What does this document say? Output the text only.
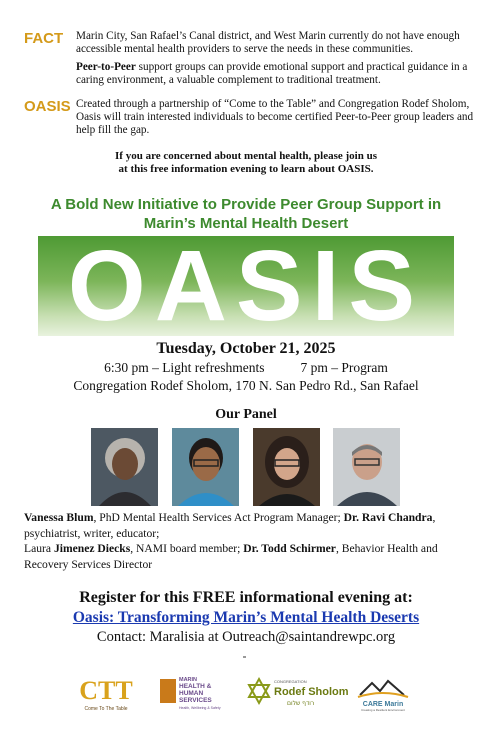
FACT Marin City, San Rafael’s Canal district, and West Marin currently do not have enough accessible mental health providers to serve the needs in these communities.
Peer-to-Peer support groups can provide emotional support and practical guidance in a caring environment, a valuable complement to traditional treatment.
OASIS Created through a partnership of “Come to the Table” and Congregation Rodef Sholom, Oasis will train interested individuals to become certified Peer-to-Peer group leaders and help fill the gap.
If you are concerned about mental health, please join us
at this free information evening to learn about OASIS.
A Bold New Initiative to Provide Peer Group Support in
Marin’s Mental Health Desert
OASIS
Tuesday, October 21, 2025
6:30 pm – Light refreshments	7 pm – Program
Congregation Rodef Sholom, 170 N. San Pedro Rd., San Rafael
Our Panel
Vanessa Blum, PhD Mental Health Services Act Program Manager; Dr. Ravi Chandra, psychiatrist, writer, educator;
Laura Jimenez Diecks, NAMI board member; Dr. Todd Schirmer, Behavior Health and Recovery Services Director
Register for this FREE informational evening at:
Oasis: Transforming Marin’s Mental Health Deserts
Contact: Maralisia at Outreach@saintandrewpc.org
CTT
Come To The Table
MARIN
HEALTH &
HUMAN
SERVICES
Health, Wellbeing & Safety
CONGREGATION
Rodef Sholom
רודף שלום	CARE Marin
Creating a Resilient Environment
